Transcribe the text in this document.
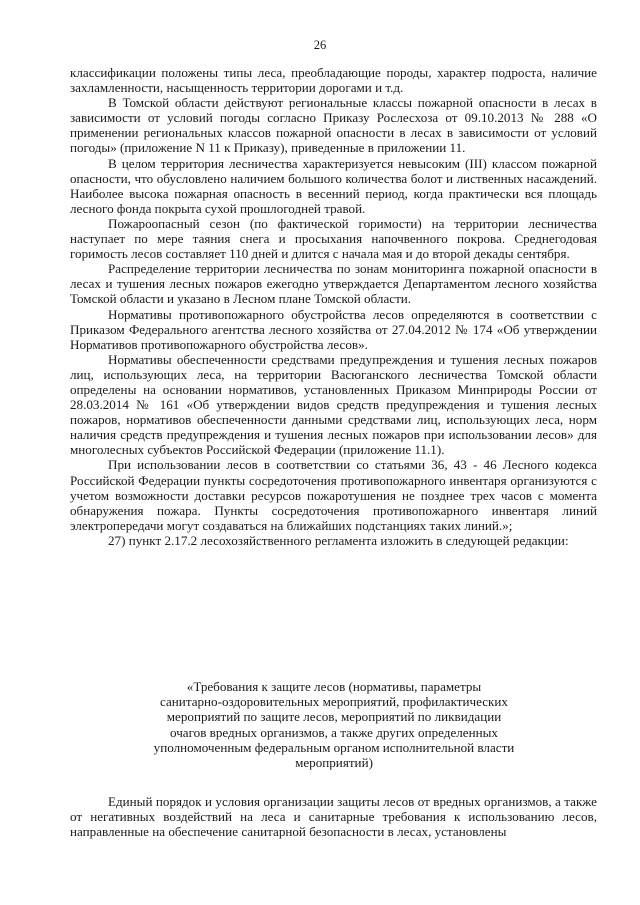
26

классификации положены типы леса, преобладающие породы, характер подроста, наличие захламленности, насыщенность территории дорогами и т.д.

В Томской области действуют региональные классы пожарной опасности в лесах в зависимости от условий погоды согласно Приказу Рослесхоза от 09.10.2013 № 288 «О применении региональных классов пожарной опасности в лесах в зависимости от условий погоды» (приложение N 11 к Приказу), приведенные в приложении 11.

В целом территория лесничества характеризуется невысоким (III) классом пожарной опасности, что обусловлено наличием большого количества болот и лиственных насаждений. Наиболее высока пожарная опасность в весенний период, когда практически вся площадь лесного фонда покрыта сухой прошлогодней травой.

Пожароопасный сезон (по фактической горимости) на территории лесничества наступает по мере таяния снега и просыхания напочвенного покрова. Среднегодовая горимость лесов составляет 110 дней и длится с начала мая и до второй декады сентября.

Распределение территории лесничества по зонам мониторинга пожарной опасности в лесах и тушения лесных пожаров ежегодно утверждается Департаментом лесного хозяйства Томской области и указано в Лесном плане Томской области.

Нормативы противопожарного обустройства лесов определяются в соответствии с Приказом Федерального агентства лесного хозяйства от 27.04.2012 № 174 «Об утверждении Нормативов противопожарного обустройства лесов».

Нормативы обеспеченности средствами предупреждения и тушения лесных пожаров лиц, использующих леса, на территории Васюганского лесничества Томской области определены на основании нормативов, установленных Приказом Минприроды России от 28.03.2014 № 161 «Об утверждении видов средств предупреждения и тушения лесных пожаров, нормативов обеспеченности данными средствами лиц, использующих леса, норм наличия средств предупреждения и тушения лесных пожаров при использовании лесов» для многолесных субъектов Российской Федерации (приложение 11.1).

При использовании лесов в соответствии со статьями 36, 43 - 46 Лесного кодекса Российской Федерации пункты сосредоточения противопожарного инвентаря организуются с учетом возможности доставки ресурсов пожаротушения не позднее трех часов с момента обнаружения пожара. Пункты сосредоточения противопожарного инвентаря линий электропередачи могут создаваться на ближайших подстанциях таких линий.»;

27) пункт 2.17.2 лесохозяйственного регламента изложить в следующей редакции:

«Требования к защите лесов (нормативы, параметры

санитарно-оздоровительных мероприятий, профилактических

мероприятий по защите лесов, мероприятий по ликвидации

очагов вредных организмов, а также других определенных

уполномоченным федеральным органом исполнительной власти

мероприятий)

Единый порядок и условия организации защиты лесов от вредных организмов, а также от негативных воздействий на леса и санитарные требования к использованию лесов, направленные на обеспечение санитарной безопасности в лесах, установлены
